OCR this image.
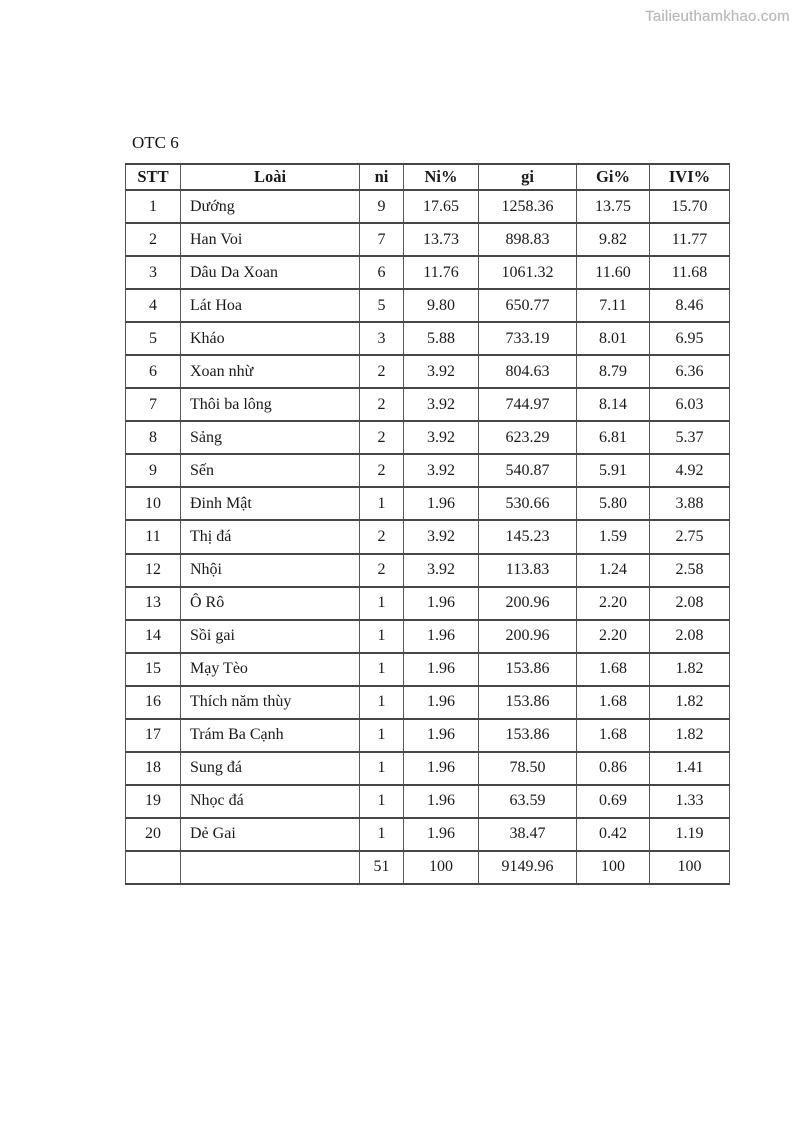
Tailieuthamkhao.com
OTC 6
STT	Loài	ni	Ni%	gi	Gi%	IVI%
1	Dướng	9	17.65	1258.36	13.75	15.70
2	Han Voi	7	13.73	898.83	9.82	11.77
3	Dâu Da Xoan	6	11.76	1061.32	11.60	11.68
4	Lát Hoa	5	9.80	650.77	7.11	8.46
5	Kháo	3	5.88	733.19	8.01	6.95
6	Xoan nhừ	2	3.92	804.63	8.79	6.36
7	Thôi ba lông	2	3.92	744.97	8.14	6.03
8	Sảng	2	3.92	623.29	6.81	5.37
9	Sến	2	3.92	540.87	5.91	4.92
10	Đinh Mật	1	1.96	530.66	5.80	3.88
11	Thị đá	2	3.92	145.23	1.59	2.75
12	Nhội	2	3.92	113.83	1.24	2.58
13	Ô Rô	1	1.96	200.96	2.20	2.08
14	Sồi gai	1	1.96	200.96	2.20	2.08
15	Mạy Tèo	1	1.96	153.86	1.68	1.82
16	Thích năm thùy	1	1.96	153.86	1.68	1.82
17	Trám Ba Cạnh	1	1.96	153.86	1.68	1.82
18	Sung đá	1	1.96	78.50	0.86	1.41
19	Nhọc đá	1	1.96	63.59	0.69	1.33
20	Dẻ Gai	1	1.96	38.47	0.42	1.19
		51	100	9149.96	100	100
